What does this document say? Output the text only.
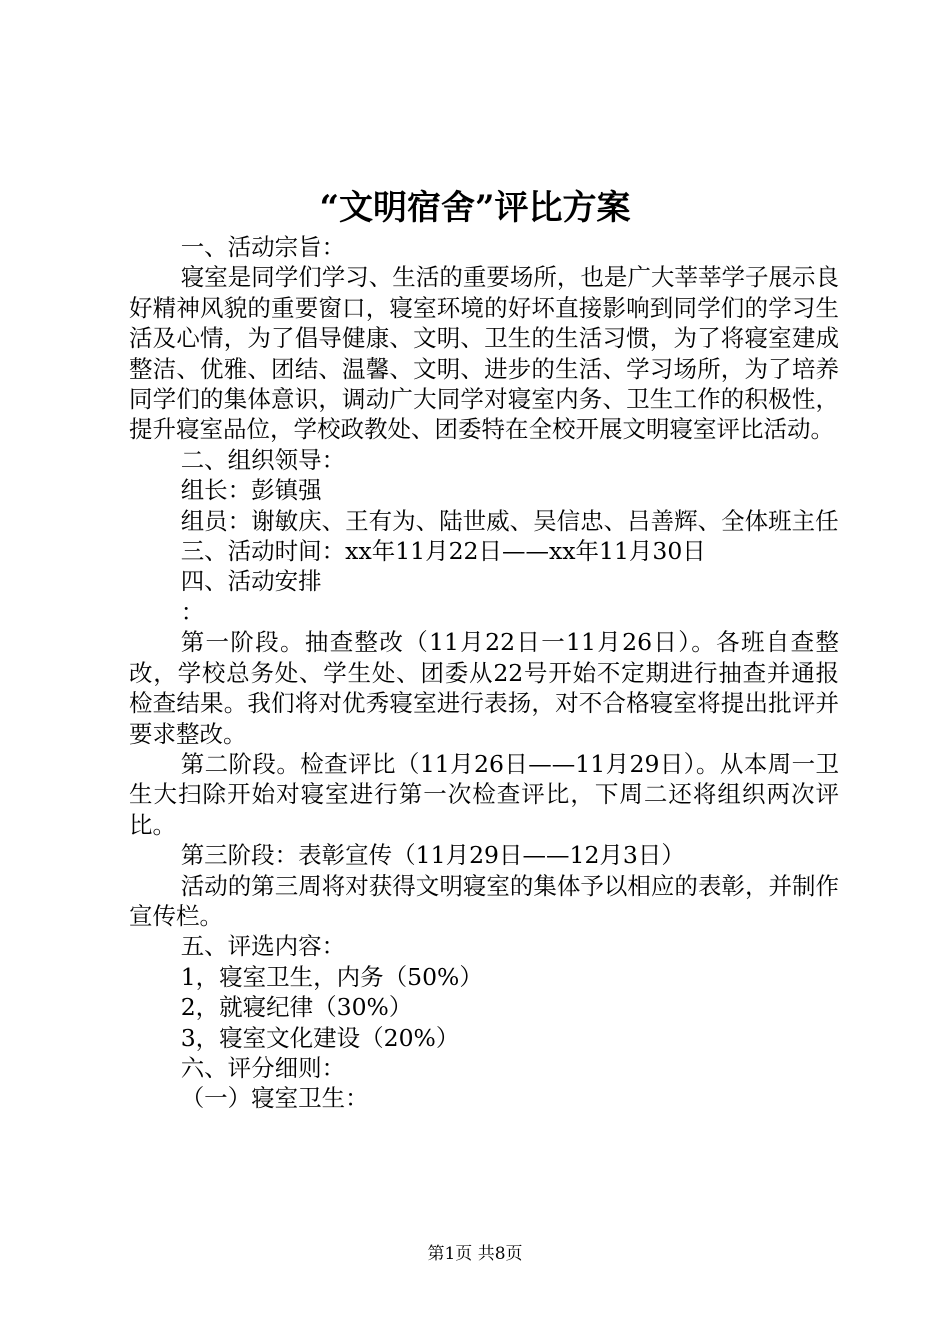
“文明宿舍”评比方案

一、活动宗旨：

寝室是同学们学习、生活的重要场所，也是广大莘莘学子展示良好精神风貌的重要窗口，寝室环境的好坏直接影响到同学们的学习生活及心情，为了倡导健康、文明、卫生的生活习惯，为了将寝室建成整洁、优雅、团结、温馨、文明、进步的生活、学习场所，为了培养同学们的集体意识，调动广大同学对寝室内务、卫生工作的积极性，提升寝室品位，学校政教处、团委特在全校开展文明寝室评比活动。

二、组织领导：

组长：彭镇强

组员：谢敏庆、王有为、陆世威、吴信忠、吕善辉、全体班主任

三、活动时间：xx年11月22日——xx年11月30日

四、活动安排

：

第一阶段。抽查整改（11月22日一11月26日）。各班自查整改，学校总务处、学生处、团委从22号开始不定期进行抽查并通报检查结果。我们将对优秀寝室进行表扬，对不合格寝室将提出批评并要求整改。

第二阶段。检查评比（11月26日——11月29日）。从本周一卫生大扫除开始对寝室进行第一次检查评比，下周二还将组织两次评比。

第三阶段：表彰宣传（11月29日——12月3日）

活动的第三周将对获得文明寝室的集体予以相应的表彰，并制作宣传栏。

五、评选内容：

1，寝室卫生，内务（50%）

2，就寝纪律（30%）

3，寝室文化建设（20%）

六、评分细则：

（一）寝室卫生：

第1页 共8页
